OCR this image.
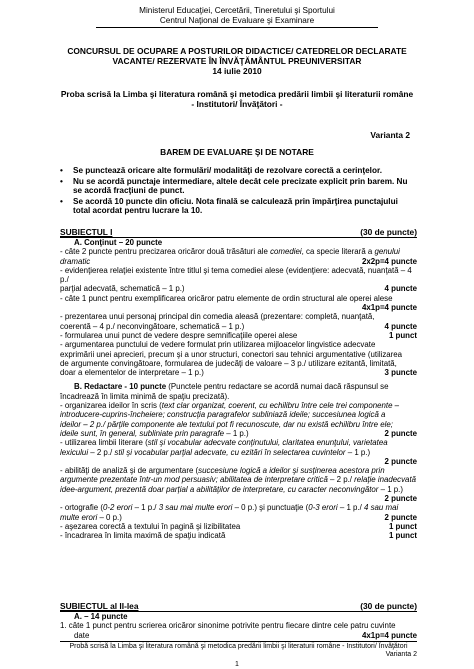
Ministerul Educaţiei, Cercetării, Tineretului şi Sportului
Centrul Naţional de Evaluare şi Examinare
CONCURSUL DE OCUPARE A POSTURILOR DIDACTICE/ CATEDRELOR DECLARATE
VACANTE/ REZERVATE ÎN ÎNVĂŢĂMÂNTUL PREUNIVERSITAR
14 iulie 2010
Proba scrisă la Limba şi literatura română şi metodica predării limbii şi literaturii române
- Institutori/ Învăţători -
Varianta 2
BAREM DE EVALUARE ŞI DE NOTARE
• Se punctează oricare alte formulări/ modalităţi de rezolvare corectă a cerinţelor.
• Nu se acordă punctaje intermediare, altele decât cele precizate explicit prin barem. Nu se acordă fracţiuni de punct.
• Se acordă 10 puncte din oficiu. Nota finală se calculează prin împărţirea punctajului total acordat pentru lucrare la 10.
SUBIECTUL I	(30 de puncte)

A. Conţinut – 20 puncte

- câte 2 puncte pentru precizarea oricăror două trăsături ale comediei, ca specie literară a genului

dramatic	2x2p=4 puncte

- evidenţierea relaţiei existente între titlul şi tema comediei alese (evidenţiere: adecvată, nuanţată – 4 p./

parţial adecvată, schematică – 1 p.)	4 puncte

- câte 1 punct pentru exemplificarea oricăror patru elemente de ordin structural ale operei alese

4x1p=4 puncte

- prezentarea unui personaj principal din comedia aleasă (prezentare: completă, nuanţată,

coerentă – 4 p./ neconvingătoare, schematică – 1 p.)	4 puncte
- formularea unui punct de vedere despre semnificaţiile operei alese	1 punct

- argumentarea punctului de vedere formulat prin utilizarea mijloacelor lingvistice adecvate

exprimării unei aprecieri, precum şi a unor structuri, conectori sau tehnici argumentative (utilizarea

de argumente convingătoare, formularea de judecăţi de valoare – 3 p./ utilizare ezitantă, limitată,

doar a elementelor de interpretare – 1 p.)	3 puncte

B. Redactare - 10 puncte (Punctele pentru redactare se acordă numai dacă răspunsul se

încadrează în limita minimă de spaţiu precizată).

- organizarea ideilor în scris (text clar organizat, coerent, cu echilibru între cele trei componente –

introducere-cuprins-încheiere; construcţia paragrafelor subliniază ideile; succesiunea logică a

ideilor – 2 p./ părţile componente ale textului pot fi recunoscute, dar nu există echilibru între ele;

ideile sunt, în general, subliniate prin paragrafe – 1 p.)	2 puncte

- utilizarea limbii literare (stil şi vocabular adecvate conţinutului, claritatea enunţului, varietatea

lexicului – 2 p./ stil şi vocabular parţial adecvate, cu ezitări în selectarea cuvintelor – 1 p.)

2 puncte

- abilităţi de analiză şi de argumentare (succesiune logică a ideilor şi susţinerea acestora prin

argumente prezentate într-un mod persuasiv; abilitatea de interpretare critică – 2 p./ relaţie inadecvată

idee-argument, prezentă doar parţial a abilităţilor de interpretare, cu caracter neconvingător – 1 p.)

2 puncte

- ortografie (0-2 erori – 1 p./ 3 sau mai multe erori – 0 p.) şi punctuaţie (0-3 erori – 1 p./ 4 sau mai

multe erori – 0 p.)	2 puncte
- aşezarea corectă a textului în pagină şi lizibilitatea	1 punct
- încadrarea în limita maximă de spaţiu indicată	1 punct
SUBIECTUL al II-lea	(30 de puncte)

A. – 14 puncte

1. câte 1 punct pentru scrierea oricăror sinonime potrivite pentru fiecare dintre cele patru cuvinte

date	4x1p=4 puncte
Probă scrisă la Limba şi literatura română şi metodica predării limbii şi literaturii române - Institutori/ Învăţători
Varianta 2
1
